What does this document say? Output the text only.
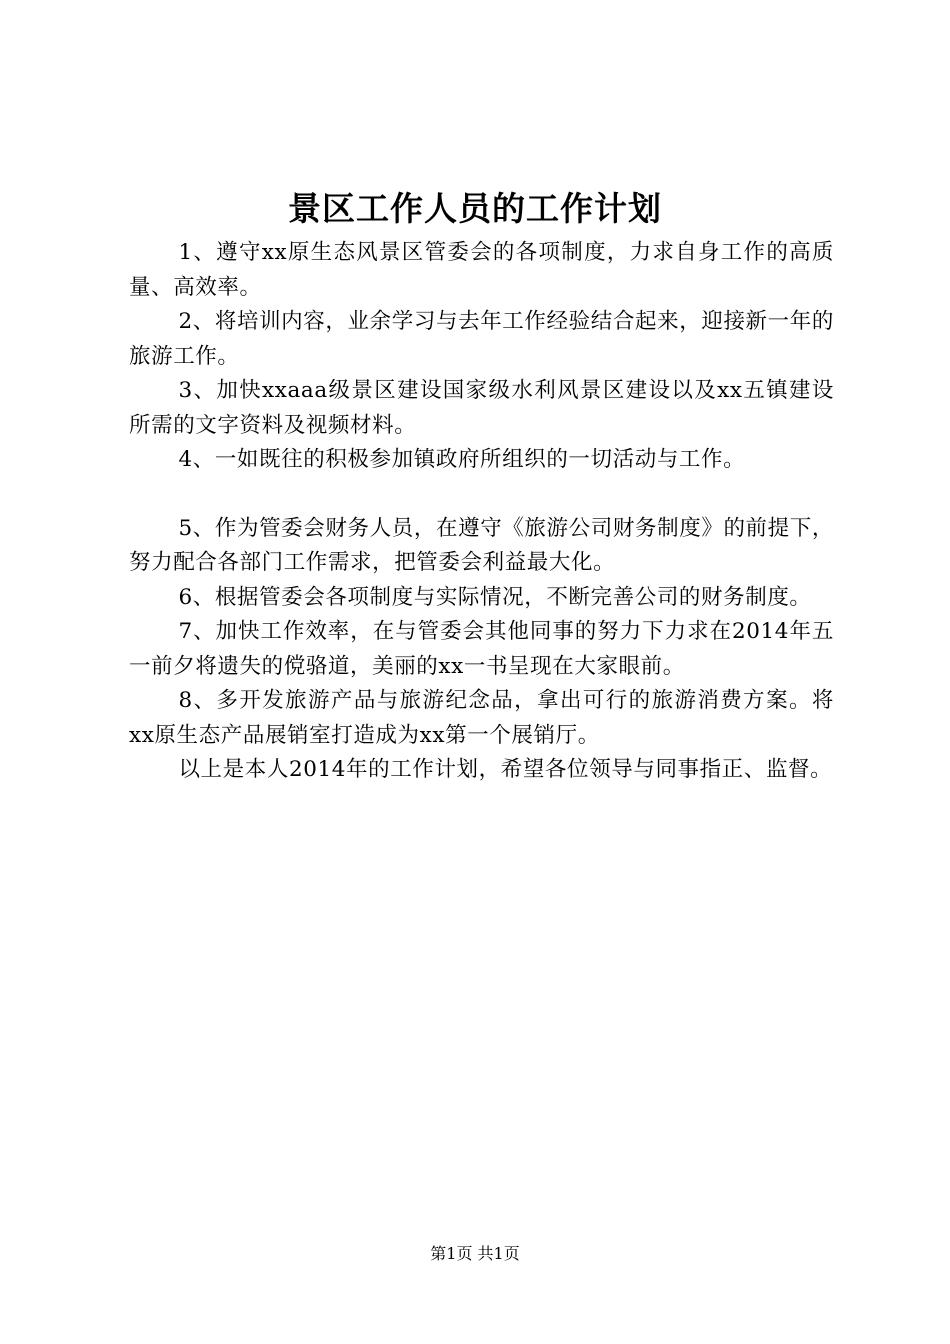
景区工作人员的工作计划

1、遵守xx原生态风景区管委会的各项制度，力求自身工作的高质量、高效率。

2、将培训内容，业余学习与去年工作经验结合起来，迎接新一年的旅游工作。

3、加快xxaaa级景区建设国家级水利风景区建设以及xx五镇建设所需的文字资料及视频材料。

4、一如既往的积极参加镇政府所组织的一切活动与工作。

5、作为管委会财务人员，在遵守《旅游公司财务制度》的前提下，努力配合各部门工作需求，把管委会利益最大化。

6、根据管委会各项制度与实际情况，不断完善公司的财务制度。

7、加快工作效率，在与管委会其他同事的努力下力求在2014年五一前夕将遗失的傥骆道，美丽的xx一书呈现在大家眼前。

8、多开发旅游产品与旅游纪念品，拿出可行的旅游消费方案。将xx原生态产品展销室打造成为xx第一个展销厅。

以上是本人2014年的工作计划，希望各位领导与同事指正、监督。

第1页 共1页
